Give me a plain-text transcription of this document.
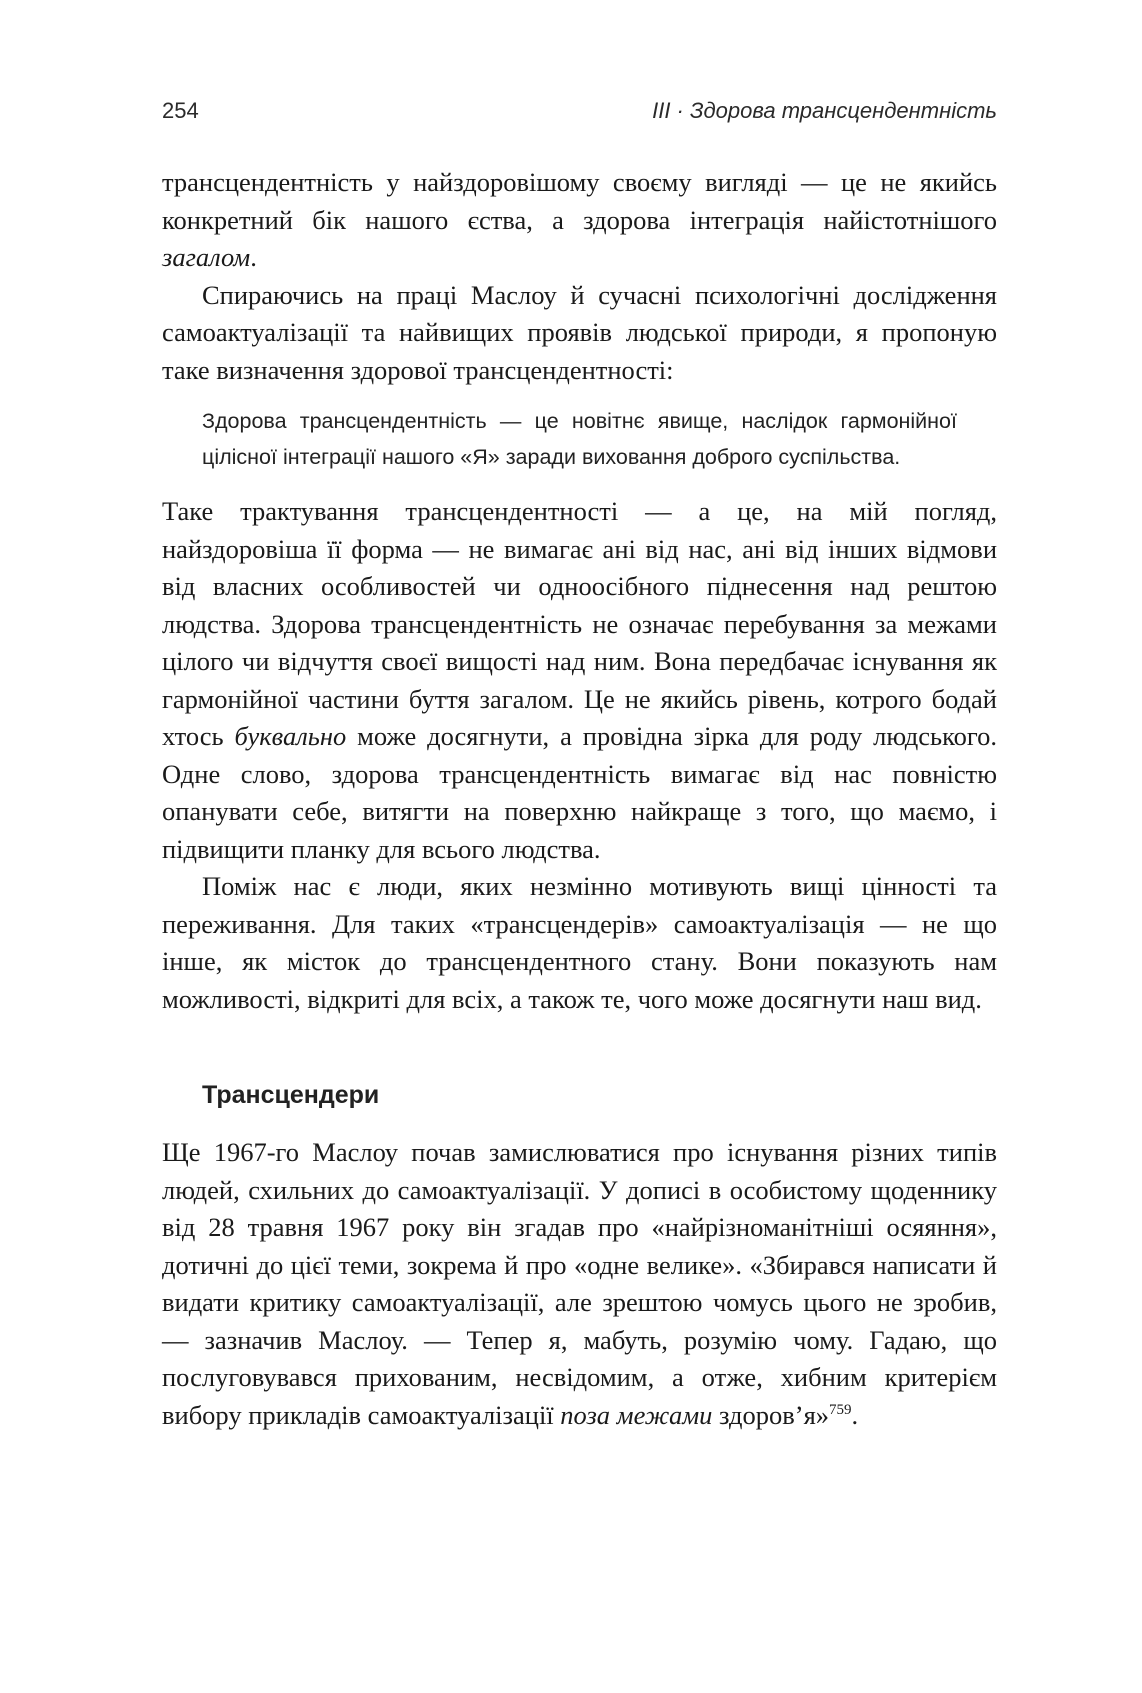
254	III · Здорова трансцендентність

трансцендентність у найздоровішому своєму вигляді — це не якийсь конкретний бік нашого єства, а здорова інтеграція найістотнішого загалом.

Спираючись на праці Маслоу й сучасні психологічні дослідження самоактуалізації та найвищих проявів людської природи, я пропоную таке визначення здорової трансцендентності:

Здорова трансцендентність — це новітнє явище, наслідок гармонійної цілісної інтеграції нашого «Я» заради виховання доброго суспільства.

Таке трактування трансцендентності — а це, на мій погляд, найздоровіша її форма — не вимагає ані від нас, ані від інших відмови від власних особливостей чи одноосібного піднесення над рештою людства. Здорова трансцендентність не означає перебування за межами цілого чи відчуття своєї вищості над ним. Вона передбачає існування як гармонійної частини буття загалом. Це не якийсь рівень, котрого бодай хтось буквально може досягнути, а провідна зірка для роду людського. Одне слово, здорова трансцендентність вимагає від нас повністю опанувати себе, витягти на поверхню найкраще з того, що маємо, і підвищити планку для всього людства.

Поміж нас є люди, яких незмінно мотивують вищі цінності та переживання. Для таких «трансцендерів» самоактуалізація — не що інше, як місток до трансцендентного стану. Вони показують нам можливості, відкриті для всіх, а також те, чого може досягнути наш вид.

Трансцендери

Ще 1967-го Маслоу почав замислюватися про існування різних типів людей, схильних до самоактуалізації. У дописі в особистому щоденнику від 28 травня 1967 року він згадав про «найрізноманітніші осяяння», дотичні до цієї теми, зокрема й про «одне велике». «Збирався написати й видати критику самоактуалізації, але зрештою чомусь цього не зробив, — зазначив Маслоу. — Тепер я, мабуть, розумію чому. Гадаю, що послуговувався прихованим, несвідомим, а отже, хибним критерієм вибору прикладів самоактуалізації поза межами здоров’я»$^{759}$.
